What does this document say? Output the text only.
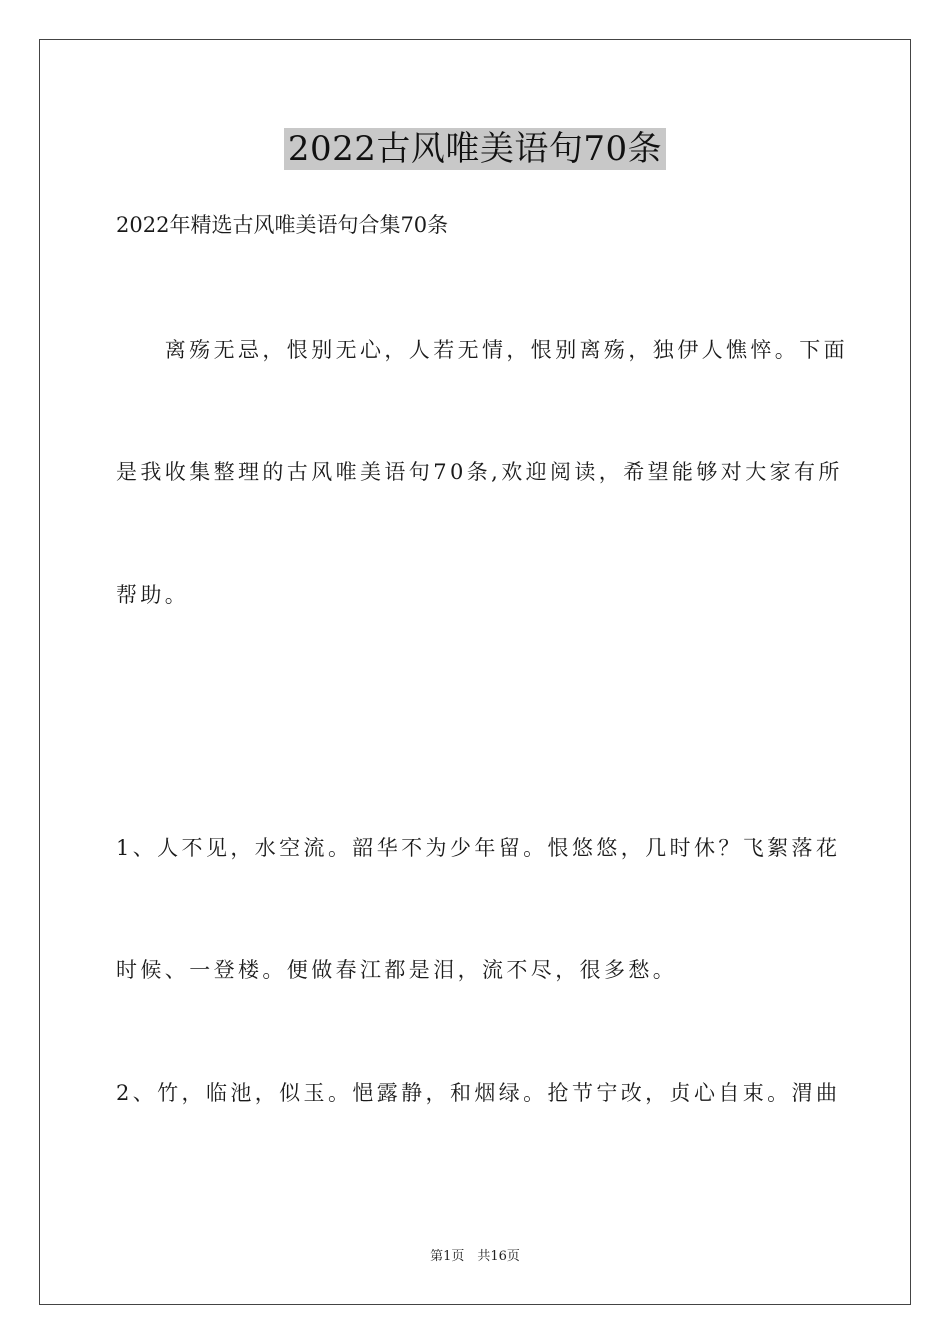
2022古风唯美语句70条
2022年精选古风唯美语句合集70条
　　离殇无忌，恨别无心，人若无情，恨别离殇，独伊人憔悴。下面
是我收集整理的古风唯美语句70条,欢迎阅读，希望能够对大家有所
帮助。
1、人不见，水空流。韶华不为少年留。恨悠悠，几时休？飞絮落花
时候、一登楼。便做春江都是泪，流不尽，很多愁。
2、竹，临池，似玉。悒露静，和烟绿。抢节宁改，贞心自束。渭曲
第1页　共16页
